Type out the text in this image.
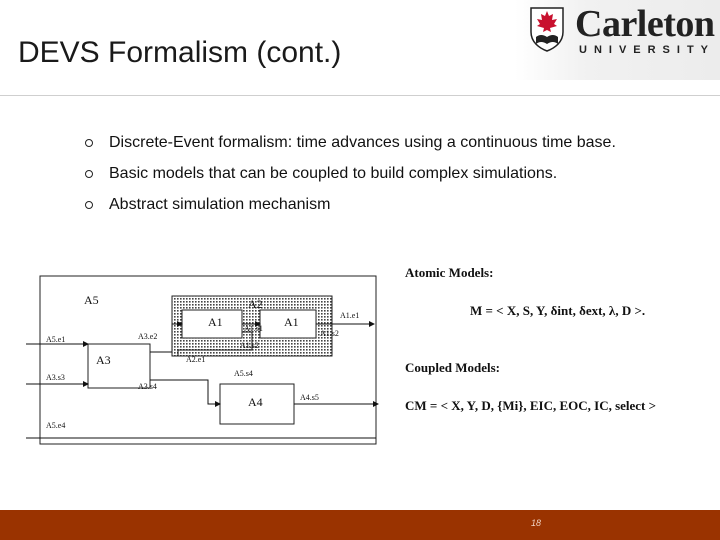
DEVS Formalism (cont.)
Carleton
UNIVERSITY
Discrete-Event formalism: time advances using a continuous time base.
Basic models that can be coupled to build complex simulations.
Abstract simulation mechanism
A5	A2
A1	A1
A3
A4
A5.e1	A3.e2
A1.e1
A1.s1
A1.s2
A1.s2
A2.e1
A3.s3
A3.s4
A5.s4
A4.s5
A5.e4
Atomic Models:
M = < X, S, Y, δint, δext, λ, D >.
Coupled Models:
CM = < X, Y, D, {Mi}, EIC, EOC, IC, select >
18
